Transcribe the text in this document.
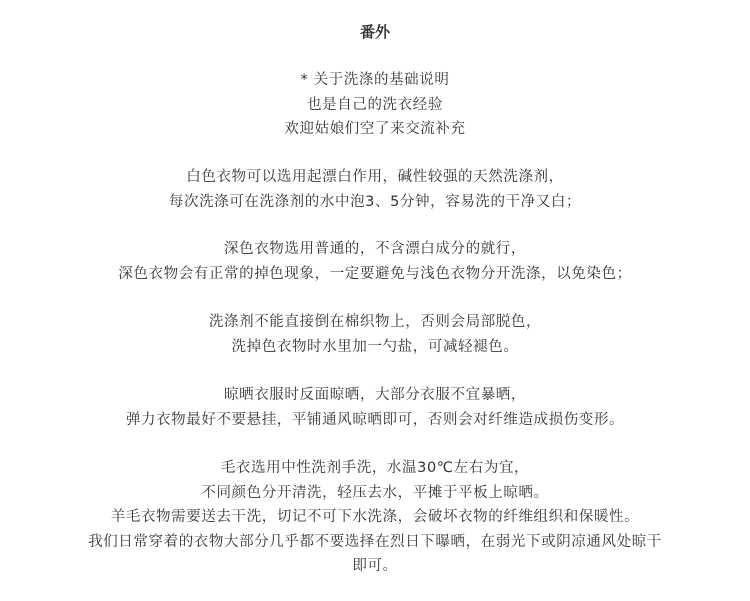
番外
* 关于洗涤的基础说明
也是自己的洗衣经验
欢迎姑娘们空了来交流补充
白色衣物可以选用起漂白作用，碱性较强的天然洗涤剂，
每次洗涤可在洗涤剂的水中泡3、5分钟，容易洗的干净又白；
深色衣物选用普通的，不含漂白成分的就行，
深色衣物会有正常的掉色现象，一定要避免与浅色衣物分开洗涤，以免染色；
洗涤剂不能直接倒在棉织物上，否则会局部脱色，
洗掉色衣物时水里加一勺盐，可减轻褪色。
晾晒衣服时反面晾晒，大部分衣服不宜暴晒，
弹力衣物最好不要悬挂，平铺通风晾晒即可，否则会对纤维造成损伤变形。
毛衣选用中性洗剂手洗，水温30℃左右为宜，
不同颜色分开清洗，轻压去水，平摊于平板上晾晒。
羊毛衣物需要送去干洗，切记不可下水洗涤，会破坏衣物的纤维组织和保暖性。
我们日常穿着的衣物大部分几乎都不要选择在烈日下曝晒，在弱光下或阴凉通风处晾干
即可。
